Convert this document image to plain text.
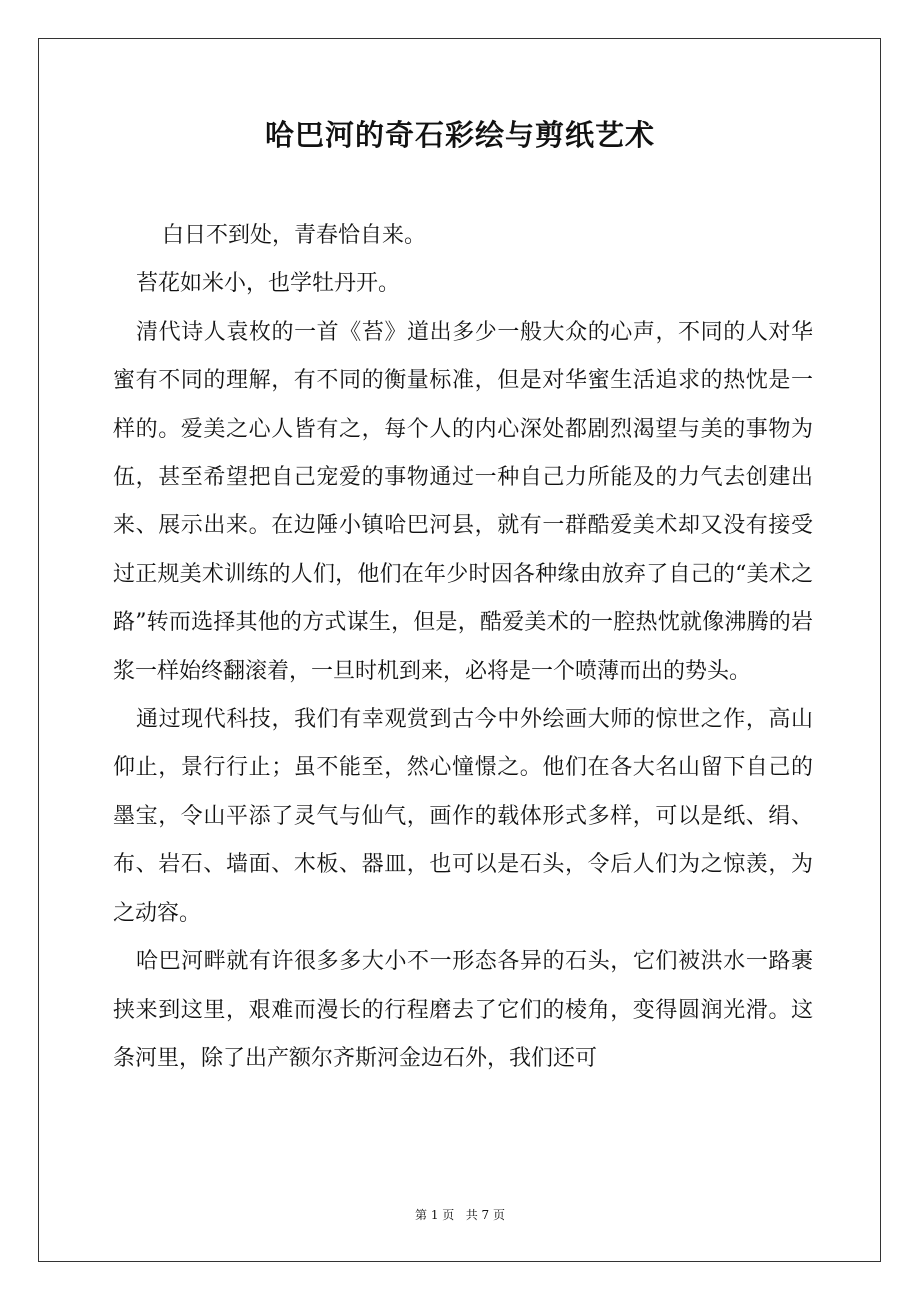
哈巴河的奇石彩绘与剪纸艺术

白日不到处，青春恰自来。

苔花如米小，也学牡丹开。

清代诗人袁枚的一首《苔》道出多少一般大众的心声，不同的人对华蜜有不同的理解，有不同的衡量标准，但是对华蜜生活追求的热忱是一样的。爱美之心人皆有之，每个人的内心深处都剧烈渴望与美的事物为伍，甚至希望把自己宠爱的事物通过一种自己力所能及的力气去创建出来、展示出来。在边陲小镇哈巴河县，就有一群酷爱美术却又没有接受过正规美术训练的人们，他们在年少时因各种缘由放弃了自己的“美术之路”转而选择其他的方式谋生，但是，酷爱美术的一腔热忱就像沸腾的岩浆一样始终翻滚着，一旦时机到来，必将是一个喷薄而出的势头。

通过现代科技，我们有幸观赏到古今中外绘画大师的惊世之作，高山仰止，景行行止；虽不能至，然心憧憬之。他们在各大名山留下自己的墨宝，令山平添了灵气与仙气，画作的载体形式多样，可以是纸、绢、布、岩石、墙面、木板、器皿，也可以是石头，令后人们为之惊羡，为之动容。

哈巴河畔就有许很多多大小不一形态各异的石头，它们被洪水一路裹挟来到这里，艰难而漫长的行程磨去了它们的棱角，变得圆润光滑。这条河里，除了出产额尔齐斯河金边石外，我们还可

第 1 页 共 7 页
